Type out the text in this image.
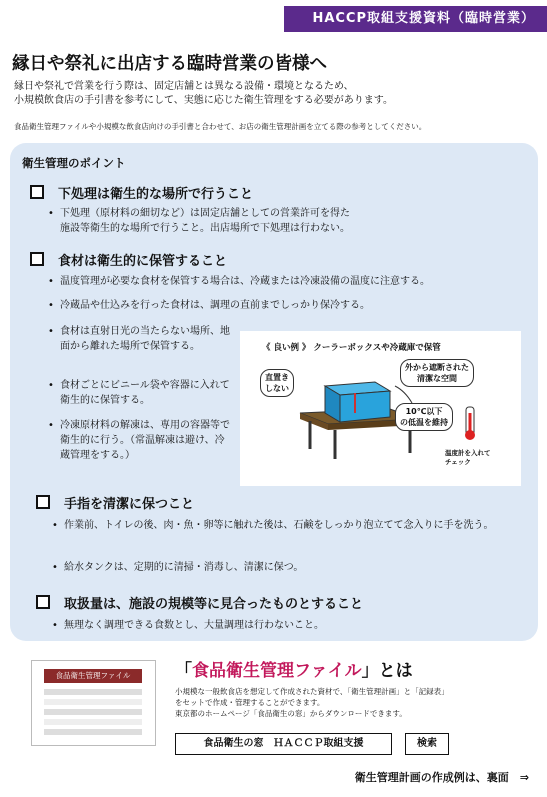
HACCP取組支援資料（臨時営業）
縁日や祭礼に出店する臨時営業の皆様へ
縁日や祭礼で営業を行う際は、固定店舗とは異なる設備・環境となるため、
小規模飲食店の手引書を参考にして、実態に応じた衛生管理をする必要があります。
食品衛生管理ファイルや小規模な飲食店向けの手引書と合わせて、お店の衛生管理計画を立てる際の参考としてください。
衛生管理のポイント
下処理は衛生的な場所で行うこと
• 下処理（原材料の細切など）は固定店舗としての営業許可を得た
施設等衛生的な場所で行うこと。出店場所で下処理は行わない。
食材は衛生的に保管すること
• 温度管理が必要な食材を保管する場合は、冷蔵または冷凍設備の温度に注意する。
• 冷蔵品や仕込みを行った食材は、調理の直前までしっかり保冷する。
• 食材は直射日光の当たらない場所、地面から離れた場所で保管する。
• 食材ごとにビニール袋や容器に入れて衛生的に保管する。
• 冷凍原材料の解凍は、専用の容器等で衛生的に行う。（常温解凍は避け、冷蔵管理をする。）
《 良い例 》 クーラーボックスや冷蔵庫で保管
直置き
しない
外から遮断された
清潔な空間
10℃以下
の低温を維持
温度計を入れて
チェック
手指を清潔に保つこと
• 作業前、トイレの後、肉・魚・卵等に触れた後は、石鹸をしっかり泡立てて念入りに手を洗う。
• 給水タンクは、定期的に清掃・消毒し、清潔に保つ。
取扱量は、施設の規模等に見合ったものとすること
• 無理なく調理できる食数とし、大量調理は行わないこと。
食品衛生管理ファイル	「食品衛生管理ファイル」とは
小規模な一般飲食店を想定して作成された資材で、「衛生管理計画」と「記録表」
をセットで作成・管理することができます。
東京都のホームページ「食品衛生の窓」からダウンロードできます。
食品衛生の窓　ＨＡＣＣＰ取組支援	検索
衛生管理計画の作成例は、裏面　⇒
